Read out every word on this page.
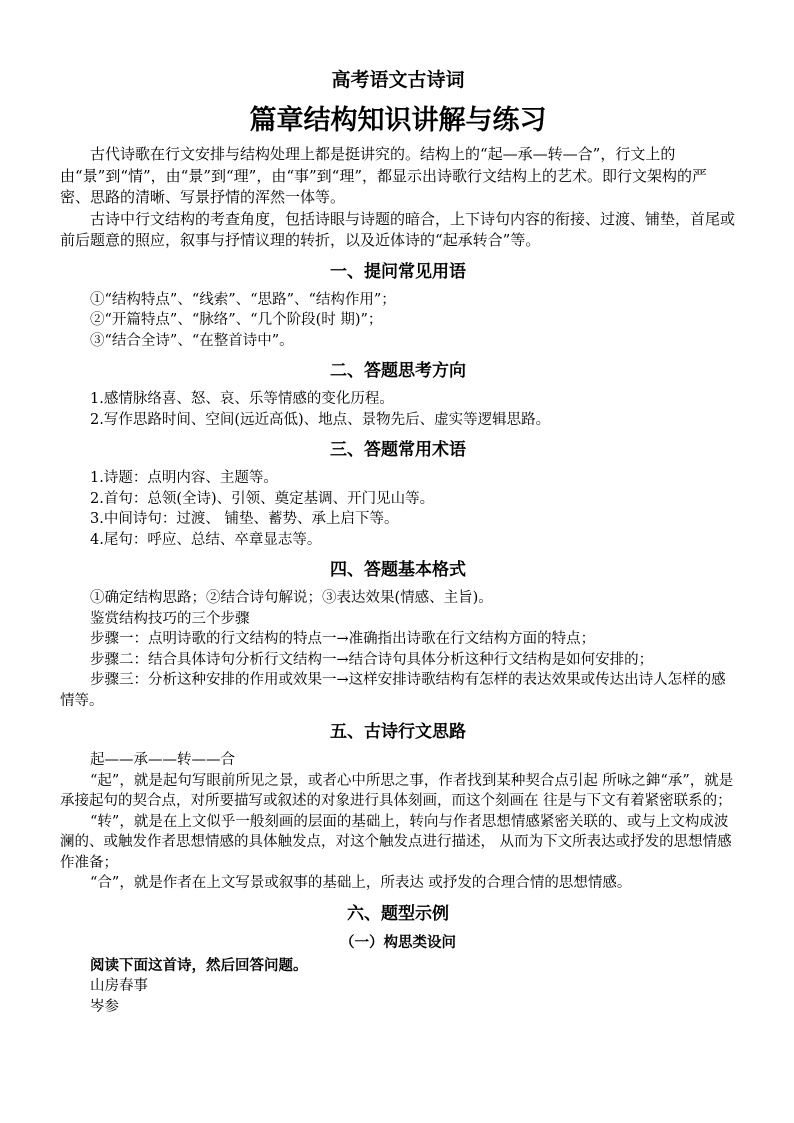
高考语文古诗词
篇章结构知识讲解与练习

古代诗歌在行文安排与结构处理上都是挺讲究的。结构上的“起—承—转—合”，行文上的由“景”到“情”，由“景”到“理”，由“事”到“理”，都显示出诗歌行文结构上的艺术。即行文架构的严密、思路的清晰、写景抒情的浑然一体等。

古诗中行文结构的考查角度，包括诗眼与诗题的暗合，上下诗句内容的衔接、过渡、铺垫，首尾或前后题意的照应，叙事与抒情议理的转折，以及近体诗的“起承转合”等。

一、提问常见用语

①“结构特点”、“线索”、“思路”、“结构作用”；

②“开篇特点”、“脉络”、“几个阶段(时 期)”；

③“结合全诗”、“在整首诗中”。

二、答题思考方向

1.感情脉络喜、怒、哀、乐等情感的变化历程。

2.写作思路时间、空间(远近高低)、地点、景物先后、虚实等逻辑思路。

三、答题常用术语

1.诗题：点明内容、主题等。

2.首句：总领(全诗)、引领、奠定基调、开门见山等。

3.中间诗句：过渡、 铺垫、蓄势、承上启下等。

4.尾句：呼应、总结、卒章显志等。

四、答题基本格式

①确定结构思路；②结合诗句解说；③表达效果(情感、主旨)。

鉴赏结构技巧的三个步骤

步骤一：点明诗歌的行文结构的特点一→准确指出诗歌在行文结构方面的特点；

步骤二：结合具体诗句分析行文结构一→结合诗句具体分析这种行文结构是如何安排的；

步骤三：分析这种安排的作用或效果一→这样安排诗歌结构有怎样的表达效果或传达出诗人怎样的感情等。

五、古诗行文思路

起——承——转——合

“起”，就是起句写眼前所见之景，或者心中所思之事，作者找到某种契合点引起 所咏之鋛“承”，就是承接起句的契合点，对所要描写或叙述的对象进行具体刻画，而这个刻画在 往是与下文有着紧密联系的；

“转”，就是在上文似乎一般刻画的层面的基础上，转向与作者思想情感紧密关联的、或与上文构成波澜的、或触发作者思想情感的具体触发点，对这个触发点进行描述， 从而为下文所表达或抒发的思想情感作准备；

“合”，就是作者在上文写景或叙事的基础上，所表达 或抒发的合理合情的思想情感。

六、题型示例

（一）构思类设问

阅读下面这首诗，然后回答问题。

山房春事

岑参
